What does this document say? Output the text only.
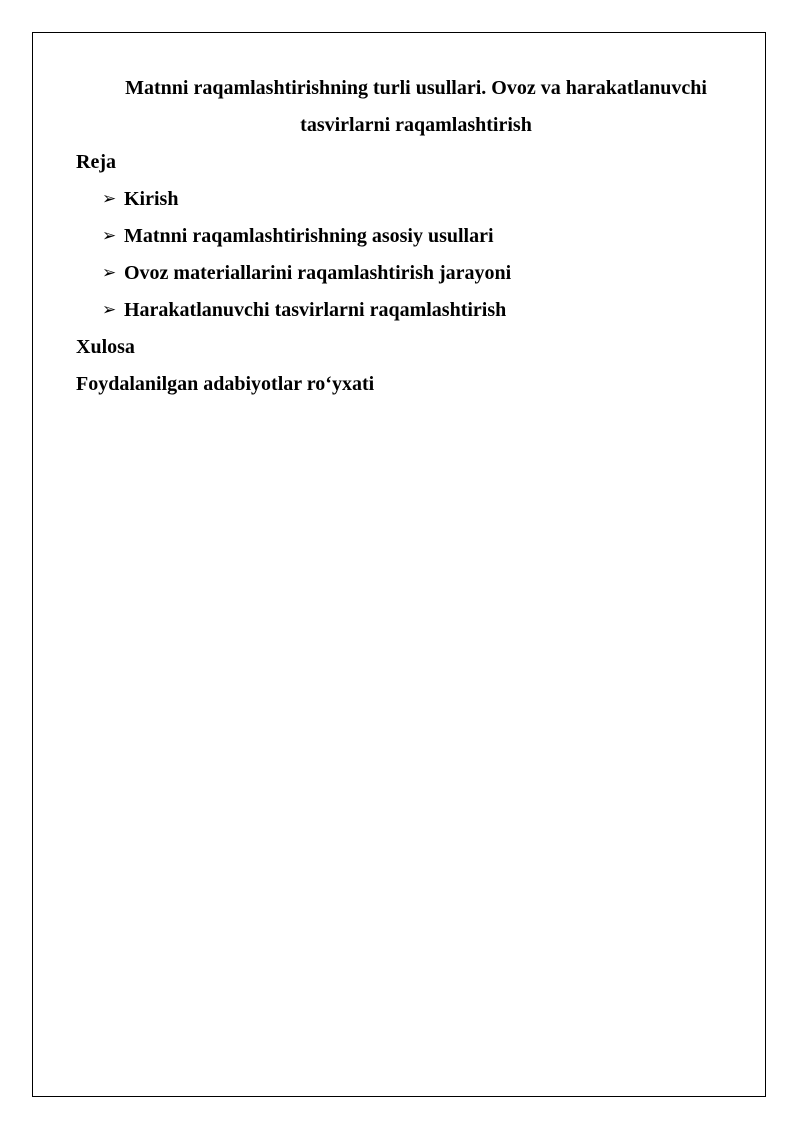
Matnni raqamlashtirishning turli usullari. Ovoz va harakatlanuvchi
tasvirlarni raqamlashtirish
Reja
➢ Kirish
➢ Matnni raqamlashtirishning asosiy usullari
➢ Ovoz materiallarini raqamlashtirish jarayoni
➢ Harakatlanuvchi tasvirlarni raqamlashtirish
Xulosa
Foydalanilgan adabiyotlar ro‘yxati
